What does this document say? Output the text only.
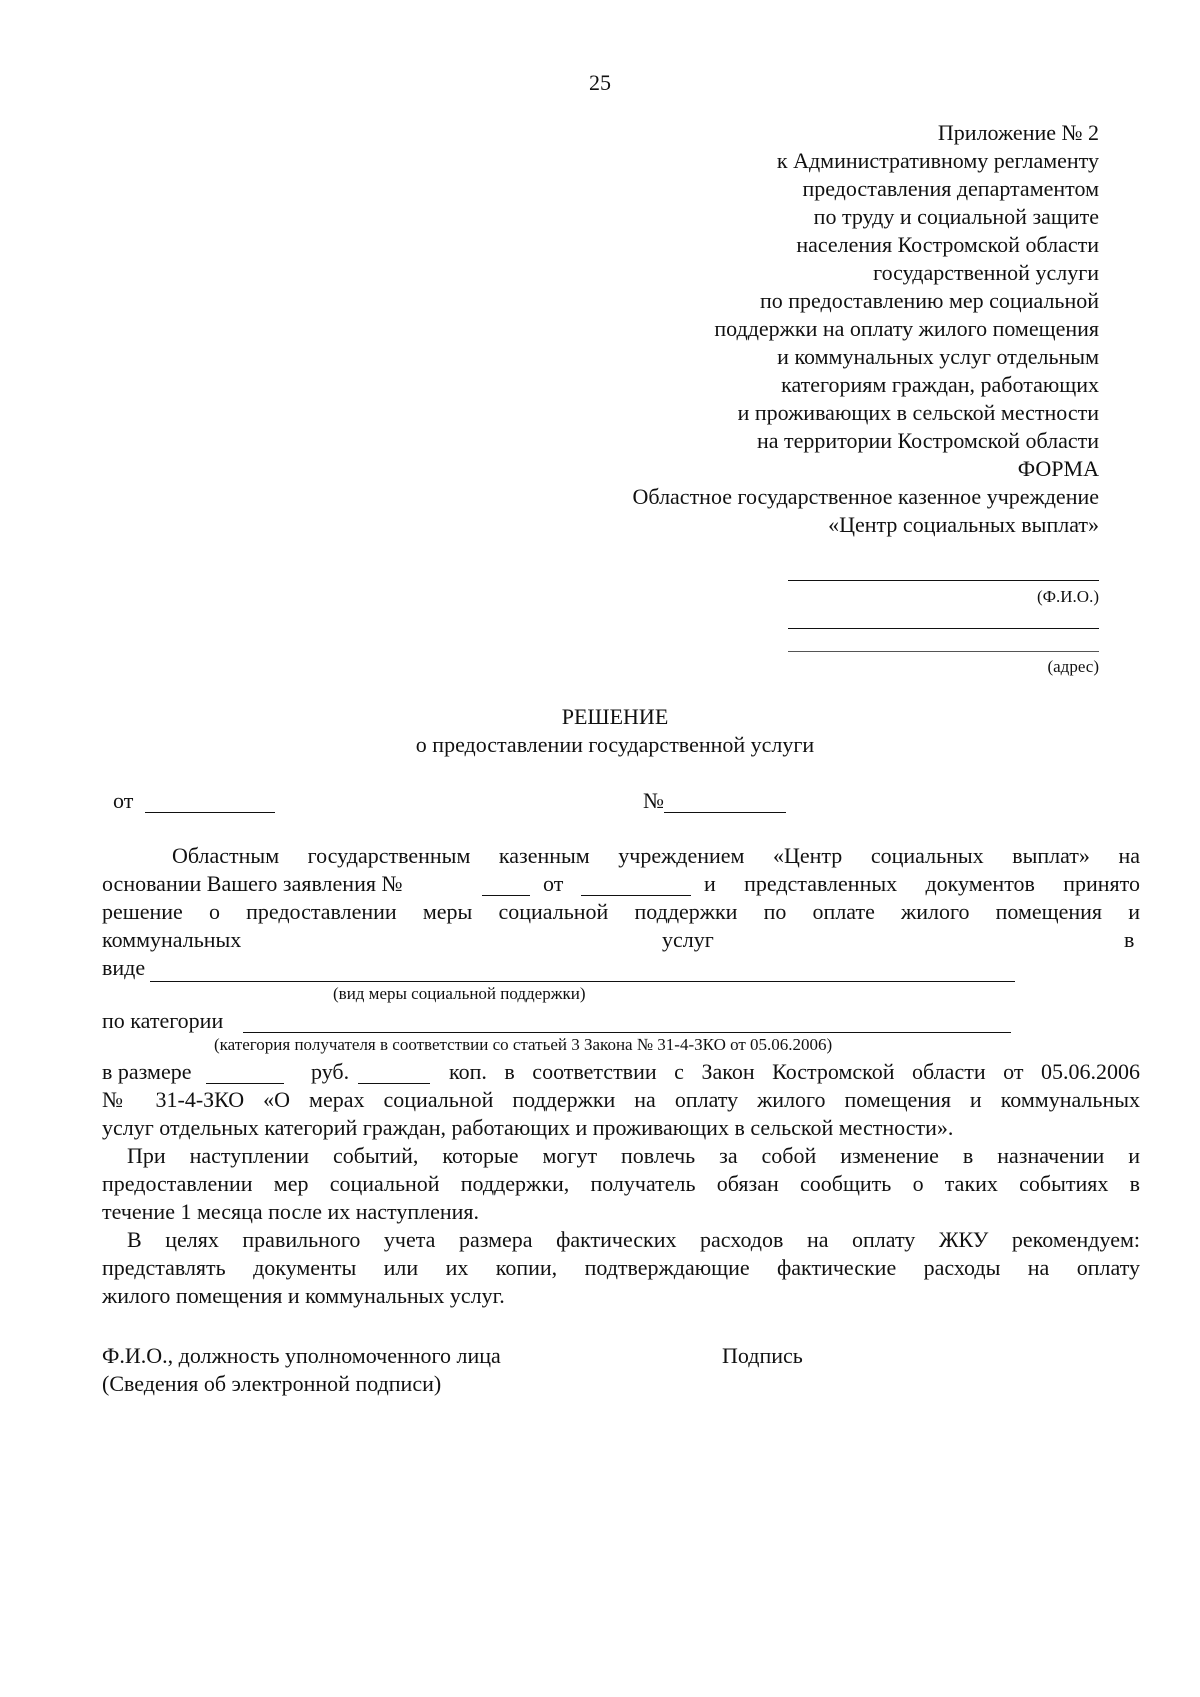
25
Приложение № 2
к Административному регламенту
предоставления департаментом
по труду и социальной защите
населения Костромской области
государственной услуги
по предоставлению мер социальной
поддержки на оплату жилого помещения
и коммунальных услуг отдельным
категориям граждан, работающих
и проживающих в сельской местности
на территории Костромской области
ФОРМА
Областное государственное казенное учреждение
«Центр социальных выплат»
(Ф.И.О.)
(адрес)
РЕШЕНИЕ
о предоставлении государственной услуги
от	№
Областным государственным казенным учреждением «Центр социальных выплат» на
основании Вашего заявления №	от	и представленных документов принято
решение о предоставлении меры социальной поддержки по оплате жилого помещения и
коммунальных	услуг	в
виде
(вид меры социальной поддержки)
по категории
(категория получателя в соответствии со статьей 3 Закона № 31-4-ЗКО от 05.06.2006)
в размере	руб.	коп. в соответствии с Закон Костромской области от 05.06.2006
№ 31-4-ЗКО «О мерах социальной поддержки на оплату жилого помещения и коммунальных
услуг отдельных категорий граждан, работающих и проживающих в сельской местности».
При наступлении событий, которые могут повлечь за собой изменение в назначении и
предоставлении мер социальной поддержки, получатель обязан сообщить о таких событиях в
течение 1 месяца после их наступления.
В целях правильного учета размера фактических расходов на оплату ЖКУ рекомендуем:
представлять документы или их копии, подтверждающие фактические расходы на оплату
жилого помещения и коммунальных услуг.
Ф.И.О., должность уполномоченного лица	Подпись
(Сведения об электронной подписи)
